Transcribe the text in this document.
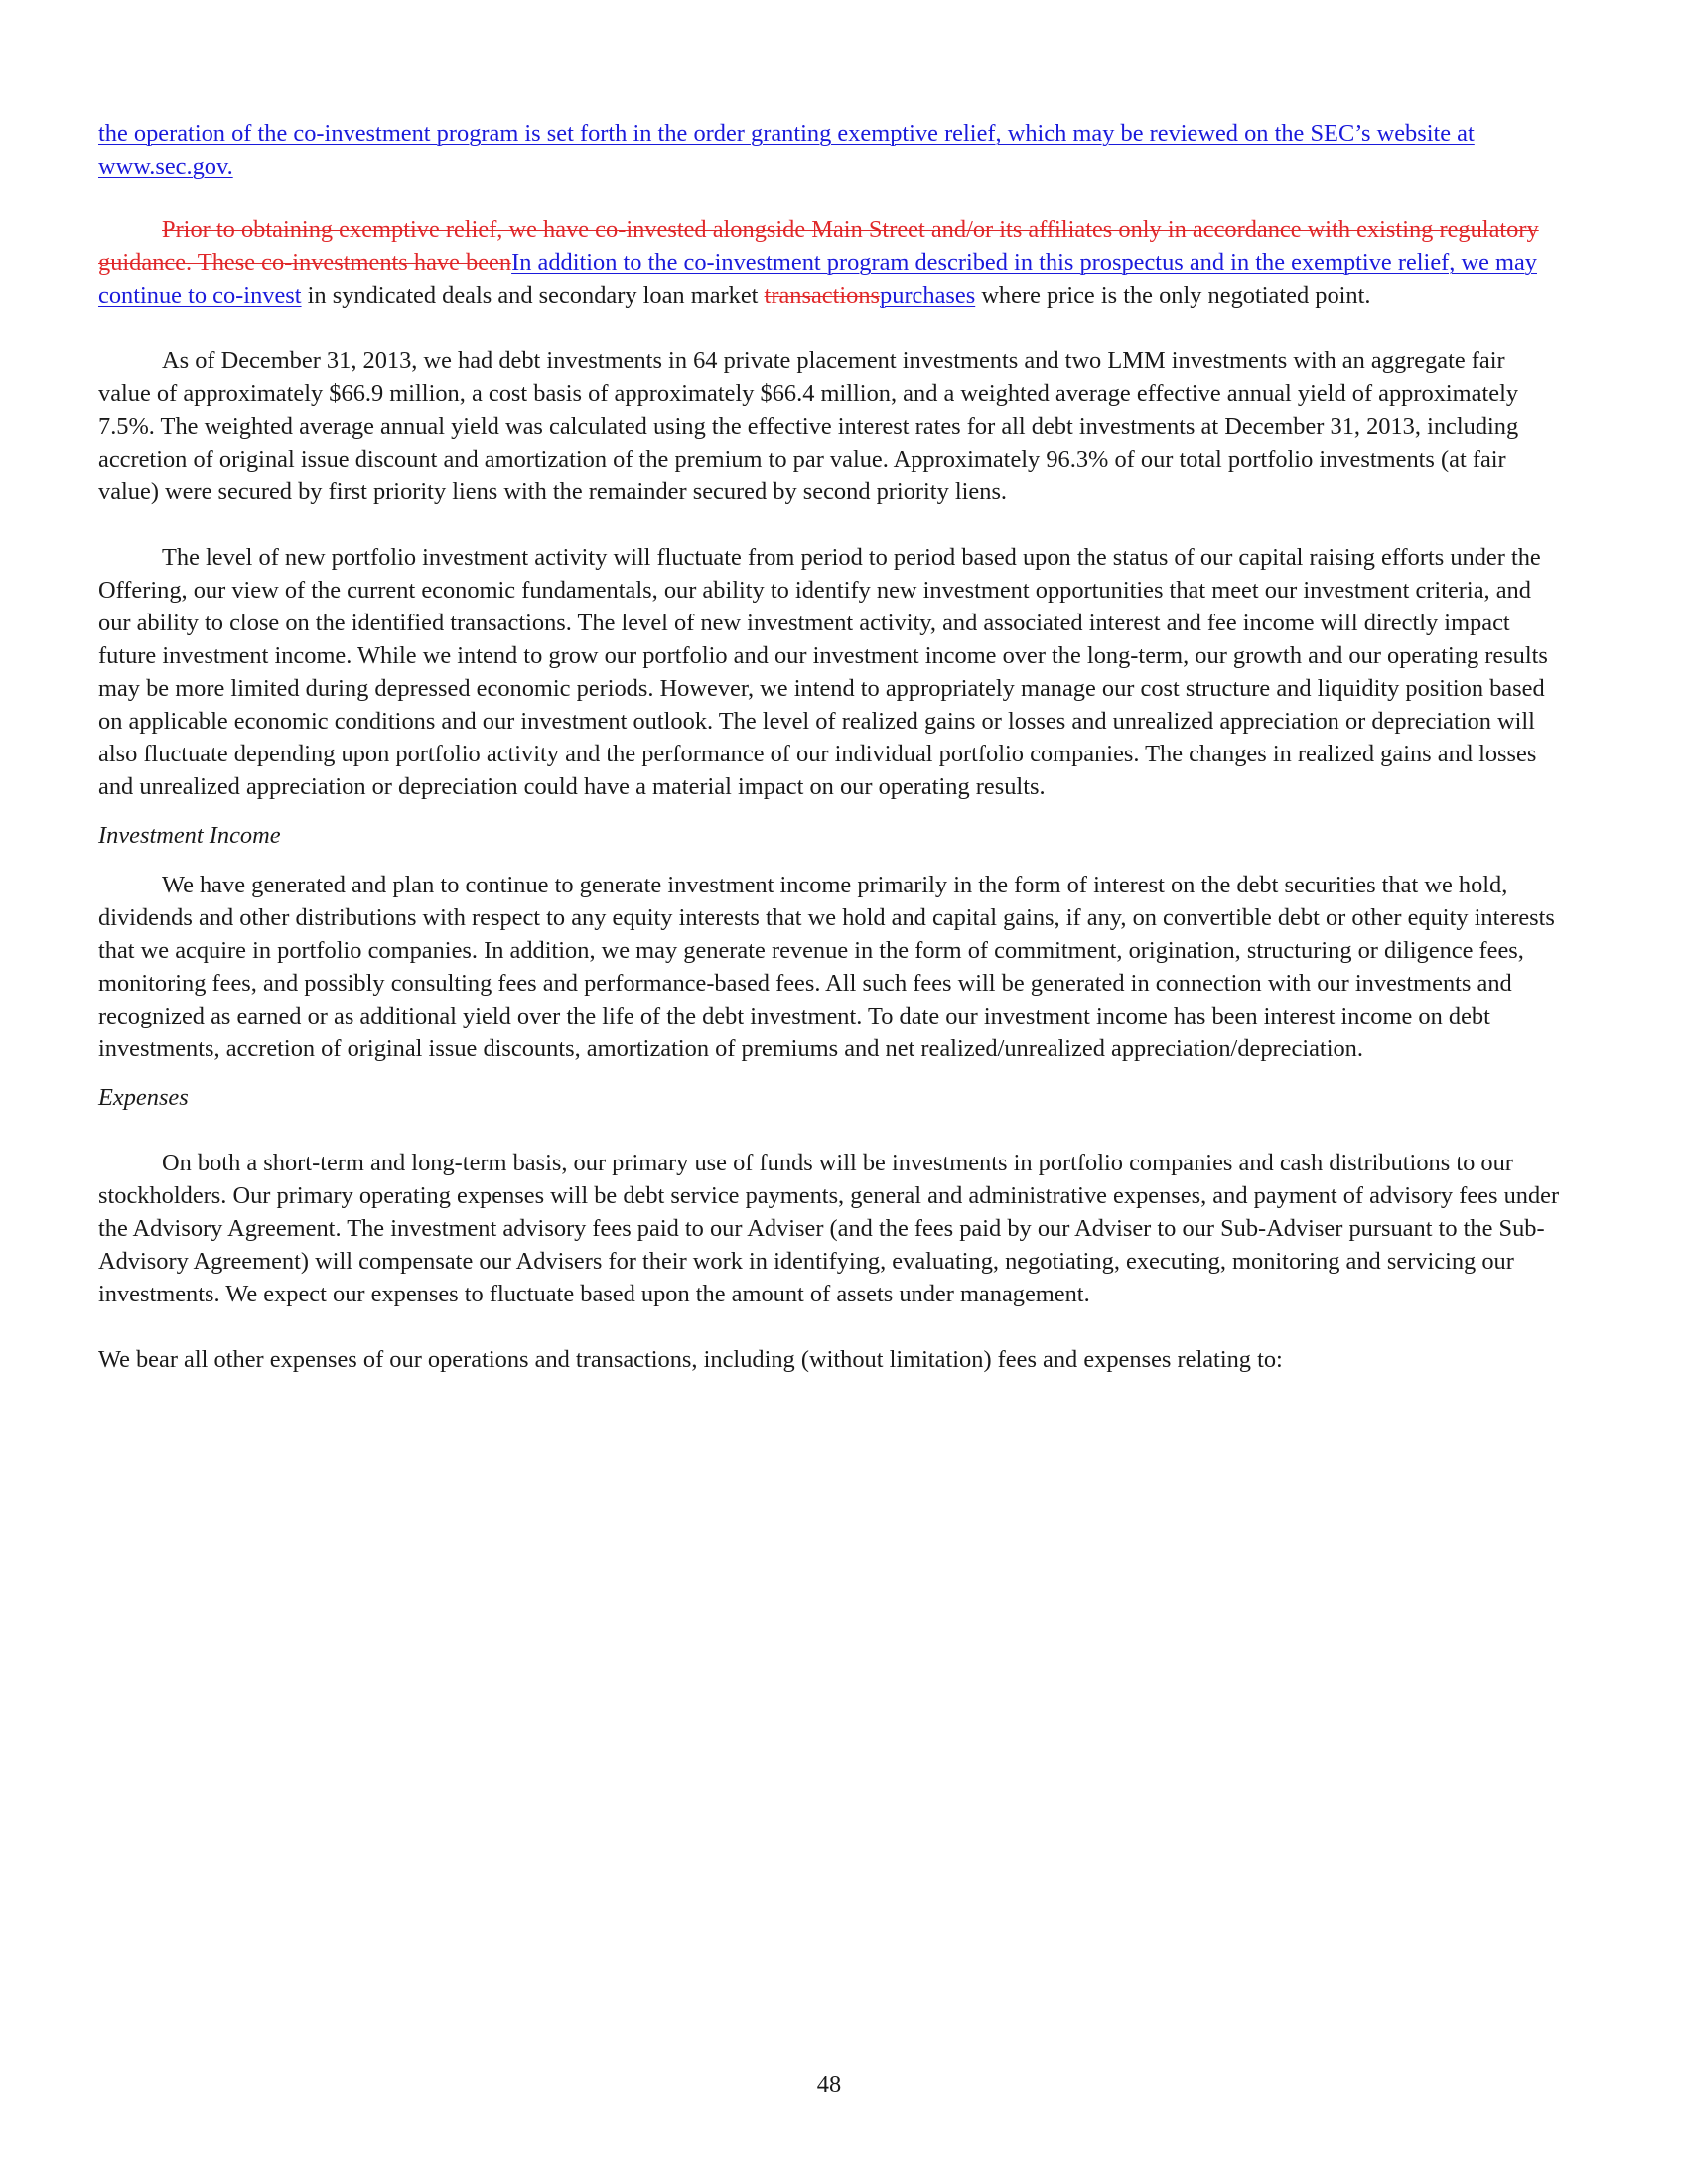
the operation of the co-investment program is set forth in the order granting exemptive relief, which may be reviewed on the SEC’s website at www.sec.gov.

Prior to obtaining exemptive relief, we have co-invested alongside Main Street and/or its affiliates only in accordance with existing regulatory guidance. These co-investments have beenIn addition to the co-investment program described in this prospectus and in the exemptive relief, we may continue to co-invest in syndicated deals and secondary loan market transactionspurchases where price is the only negotiated point.

As of December 31, 2013, we had debt investments in 64 private placement investments and two LMM investments with an aggregate fair value of approximately $66.9 million, a cost basis of approximately $66.4 million, and a weighted average effective annual yield of approximately 7.5%. The weighted average annual yield was calculated using the effective interest rates for all debt investments at December 31, 2013, including accretion of original issue discount and amortization of the premium to par value. Approximately 96.3% of our total portfolio investments (at fair value) were secured by first priority liens with the remainder secured by second priority liens.

The level of new portfolio investment activity will fluctuate from period to period based upon the status of our capital raising efforts under the Offering, our view of the current economic fundamentals, our ability to identify new investment opportunities that meet our investment criteria, and our ability to close on the identified transactions. The level of new investment activity, and associated interest and fee income will directly impact future investment income. While we intend to grow our portfolio and our investment income over the long-term, our growth and our operating results may be more limited during depressed economic periods. However, we intend to appropriately manage our cost structure and liquidity position based on applicable economic conditions and our investment outlook. The level of realized gains or losses and unrealized appreciation or depreciation will also fluctuate depending upon portfolio activity and the performance of our individual portfolio companies. The changes in realized gains and losses and unrealized appreciation or depreciation could have a material impact on our operating results.

Investment Income

We have generated and plan to continue to generate investment income primarily in the form of interest on the debt securities that we hold, dividends and other distributions with respect to any equity interests that we hold and capital gains, if any, on convertible debt or other equity interests that we acquire in portfolio companies. In addition, we may generate revenue in the form of commitment, origination, structuring or diligence fees, monitoring fees, and possibly consulting fees and performance-based fees. All such fees will be generated in connection with our investments and recognized as earned or as additional yield over the life of the debt investment. To date our investment income has been interest income on debt investments, accretion of original issue discounts, amortization of premiums and net realized/unrealized appreciation/depreciation.

Expenses

On both a short-term and long-term basis, our primary use of funds will be investments in portfolio companies and cash distributions to our stockholders. Our primary operating expenses will be debt service payments, general and administrative expenses, and payment of advisory fees under the Advisory Agreement. The investment advisory fees paid to our Adviser (and the fees paid by our Adviser to our Sub-Adviser pursuant to the Sub-Advisory Agreement) will compensate our Advisers for their work in identifying, evaluating, negotiating, executing, monitoring and servicing our investments. We expect our expenses to fluctuate based upon the amount of assets under management.

We bear all other expenses of our operations and transactions, including (without limitation) fees and expenses relating to:

48
